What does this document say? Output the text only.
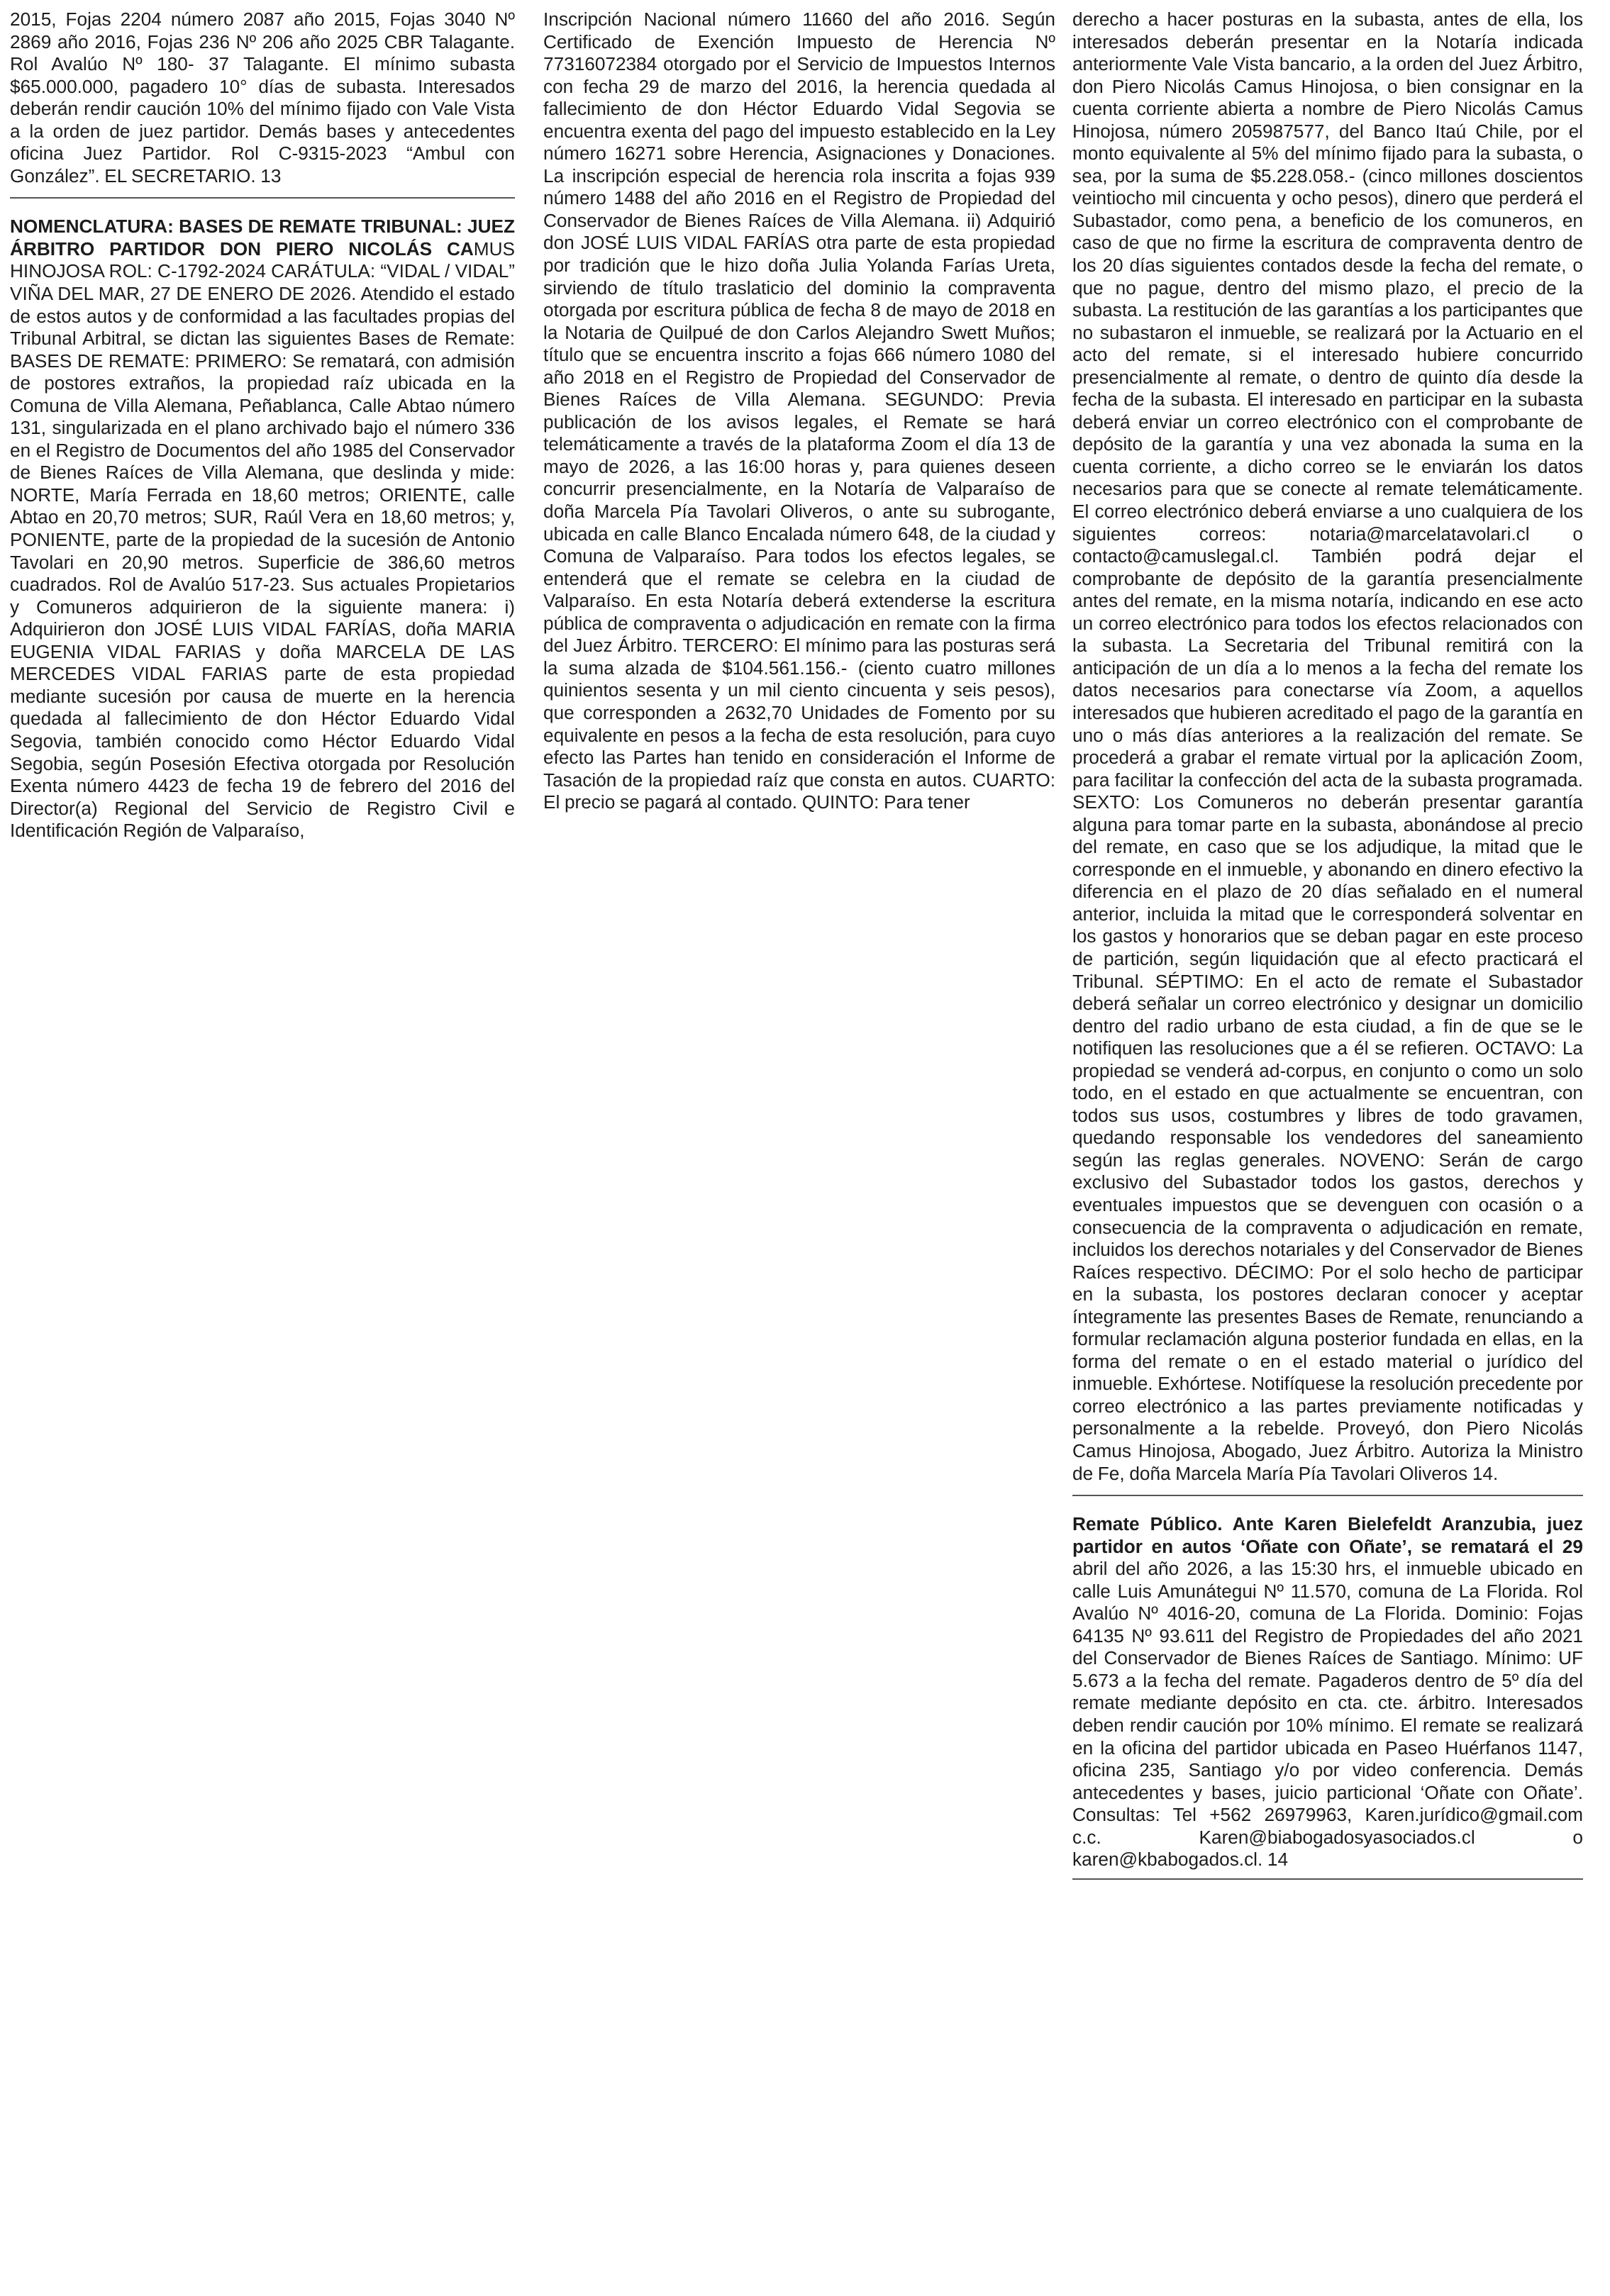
2015, Fojas 2204 número 2087 año 2015, Fojas 3040 Nº 2869 año 2016, Fojas 236 Nº 206 año 2025 CBR Talagante. Rol Avalúo Nº 180- 37 Talagante. El mínimo subasta $65.000.000, pagadero 10° días de subasta. Interesados deberán rendir caución 10% del mínimo fijado con Vale Vista a la orden de juez partidor. Demás bases y antecedentes oficina Juez Partidor. Rol C-9315-2023 “Ambul con González”. EL SECRETARIO. 13

NOMENCLATURA: BASES DE REMATE TRIBUNAL: JUEZ ÁRBITRO PARTIDOR DON PIERO NICOLÁS CAMUS HINOJOSA ROL: C-1792-2024 CARÁTULA: “VIDAL / VIDAL” VIÑA DEL MAR, 27 DE ENERO DE 2026. Atendido el estado de estos autos y de conformidad a las facultades propias del Tribunal Arbitral, se dictan las siguientes Bases de Remate: BASES DE REMATE: PRIMERO: Se rematará, con admisión de postores extraños, la propiedad raíz ubicada en la Comuna de Villa Alemana, Peñablanca, Calle Abtao número 131, singularizada en el plano archivado bajo el número 336 en el Registro de Documentos del año 1985 del Conservador de Bienes Raíces de Villa Alemana, que deslinda y mide: NORTE, María Ferrada en 18,60 metros; ORIENTE, calle Abtao en 20,70 metros; SUR, Raúl Vera en 18,60 metros; y, PONIENTE, parte de la propiedad de la sucesión de Antonio Tavolari en 20,90 metros. Superficie de 386,60 metros cuadrados. Rol de Avalúo 517-23. Sus actuales Propietarios y Comuneros adquirieron de la siguiente manera: i) Adquirieron don JOSÉ LUIS VIDAL FARÍAS, doña MARIA EUGENIA VIDAL FARIAS y doña MARCELA DE LAS MERCEDES VIDAL FARIAS parte de esta propiedad mediante sucesión por causa de muerte en la herencia quedada al fallecimiento de don Héctor Eduardo Vidal Segovia, también conocido como Héctor Eduardo Vidal Segobia, según Posesión Efectiva otorgada por Resolución Exenta número 4423 de fecha 19 de febrero del 2016 del Director(a) Regional del Servicio de Registro Civil e Identificación Región de Valparaíso,

Inscripción Nacional número 11660 del año 2016. Según Certificado de Exención Impuesto de Herencia Nº 77316072384 otorgado por el Servicio de Impuestos Internos con fecha 29 de marzo del 2016, la herencia quedada al fallecimiento de don Héctor Eduardo Vidal Segovia se encuentra exenta del pago del impuesto establecido en la Ley número 16271 sobre Herencia, Asignaciones y Donaciones. La inscripción especial de herencia rola inscrita a fojas 939 número 1488 del año 2016 en el Registro de Propiedad del Conservador de Bienes Raíces de Villa Alemana. ii) Adquirió don JOSÉ LUIS VIDAL FARÍAS otra parte de esta propiedad por tradición que le hizo doña Julia Yolanda Farías Ureta, sirviendo de título traslaticio del dominio la compraventa otorgada por escritura pública de fecha 8 de mayo de 2018 en la Notaria de Quilpué de don Carlos Alejandro Swett Muños; título que se encuentra inscrito a fojas 666 número 1080 del año 2018 en el Registro de Propiedad del Conservador de Bienes Raíces de Villa Alemana. SEGUNDO: Previa publicación de los avisos legales, el Remate se hará telemáticamente a través de la plataforma Zoom el día 13 de mayo de 2026, a las 16:00 horas y, para quienes deseen concurrir presencialmente, en la Notaría de Valparaíso de doña Marcela Pía Tavolari Oliveros, o ante su subrogante, ubicada en calle Blanco Encalada número 648, de la ciudad y Comuna de Valparaíso. Para todos los efectos legales, se entenderá que el remate se celebra en la ciudad de Valparaíso. En esta Notaría deberá extenderse la escritura pública de compraventa o adjudicación en remate con la firma del Juez Árbitro. TERCERO: El mínimo para las posturas será la suma alzada de $104.561.156.- (ciento cuatro millones quinientos sesenta y un mil ciento cincuenta y seis pesos), que corresponden a 2632,70 Unidades de Fomento por su equivalente en pesos a la fecha de esta resolución, para cuyo efecto las Partes han tenido en consideración el Informe de Tasación de la propiedad raíz que consta en autos. CUARTO: El precio se pagará al contado. QUINTO: Para tener

derecho a hacer posturas en la subasta, antes de ella, los interesados deberán presentar en la Notaría indicada anteriormente Vale Vista bancario, a la orden del Juez Árbitro, don Piero Nicolás Camus Hinojosa, o bien consignar en la cuenta corriente abierta a nombre de Piero Nicolás Camus Hinojosa, número 205987577, del Banco Itaú Chile, por el monto equivalente al 5% del mínimo fijado para la subasta, o sea, por la suma de $5.228.058.- (cinco millones doscientos veintiocho mil cincuenta y ocho pesos), dinero que perderá el Subastador, como pena, a beneficio de los comuneros, en caso de que no firme la escritura de compraventa dentro de los 20 días siguientes contados desde la fecha del remate, o que no pague, dentro del mismo plazo, el precio de la subasta. La restitución de las garantías a los participantes que no subastaron el inmueble, se realizará por la Actuario en el acto del remate, si el interesado hubiere concurrido presencialmente al remate, o dentro de quinto día desde la fecha de la subasta. El interesado en participar en la subasta deberá enviar un correo electrónico con el comprobante de depósito de la garantía y una vez abonada la suma en la cuenta corriente, a dicho correo se le enviarán los datos necesarios para que se conecte al remate telemáticamente. El correo electrónico deberá enviarse a uno cualquiera de los siguientes correos: notaria@marcelatavolari.cl o contacto@camuslegal.cl. También podrá dejar el comprobante de depósito de la garantía presencialmente antes del remate, en la misma notaría, indicando en ese acto un correo electrónico para todos los efectos relacionados con la subasta. La Secretaria del Tribunal remitirá con la anticipación de un día a lo menos a la fecha del remate los datos necesarios para conectarse vía Zoom, a aquellos interesados que hubieren acreditado el pago de la garantía en uno o más días anteriores a la realización del remate. Se procederá a grabar el remate virtual por la aplicación Zoom, para facilitar la confección del acta de la subasta programada. SEXTO: Los Comuneros no deberán presentar garantía alguna para tomar parte en la subasta, abonándose al precio del remate, en caso que se los adjudique, la mitad que le corresponde en el inmueble, y abonando en dinero efectivo la diferencia en el plazo de 20 días señalado en el numeral anterior, incluida la mitad que le corresponderá solventar en los gastos y honorarios que se deban pagar en este proceso de partición, según liquidación que al efecto practicará el Tribunal. SÉPTIMO: En el acto de remate el Subastador deberá señalar un correo electrónico y designar un domicilio dentro del radio urbano de esta ciudad, a fin de que se le notifiquen las resoluciones que a él se refieren. OCTAVO: La propiedad se venderá ad-corpus, en conjunto o como un solo todo, en el estado en que actualmente se encuentran, con todos sus usos, costumbres y libres de todo gravamen, quedando responsable los vendedores del saneamiento según las reglas generales. NOVENO: Serán de cargo exclusivo del Subastador todos los gastos, derechos y eventuales impuestos que se devenguen con ocasión o a consecuencia de la compraventa o adjudicación en remate, incluidos los derechos notariales y del Conservador de Bienes Raíces respectivo. DÉCIMO: Por el solo hecho de participar en la subasta, los postores declaran conocer y aceptar íntegramente las presentes Bases de Remate, renunciando a formular reclamación alguna posterior fundada en ellas, en la forma del remate o en el estado material o jurídico del inmueble. Exhórtese. Notifíquese la resolución precedente por correo electrónico a las partes previamente notificadas y personalmente a la rebelde. Proveyó, don Piero Nicolás Camus Hinojosa, Abogado, Juez Árbitro. Autoriza la Ministro de Fe, doña Marcela María Pía Tavolari Oliveros 14.

Remate Público. Ante Karen Bielefeldt Aranzubia, juez partidor en autos ‘Oñate con Oñate’, se rematará el 29 abril del año 2026, a las 15:30 hrs, el inmueble ubicado en calle Luis Amunátegui Nº 11.570, comuna de La Florida. Rol Avalúo Nº 4016-20, comuna de La Florida. Dominio: Fojas 64135 Nº 93.611 del Registro de Propiedades del año 2021 del Conservador de Bienes Raíces de Santiago. Mínimo: UF 5.673 a la fecha del remate. Pagaderos dentro de 5º día del remate mediante depósito en cta. cte. árbitro. Interesados deben rendir caución por 10% mínimo. El remate se realizará en la oficina del partidor ubicada en Paseo Huérfanos 1147, oficina 235, Santiago y/o por video conferencia. Demás antecedentes y bases, juicio particional ‘Oñate con Oñate’. Consultas: Tel +562 26979963, Karen.jurídico@gmail.com c.c. Karen@biabogadosyasociados.cl o karen@kbabogados.cl. 14
